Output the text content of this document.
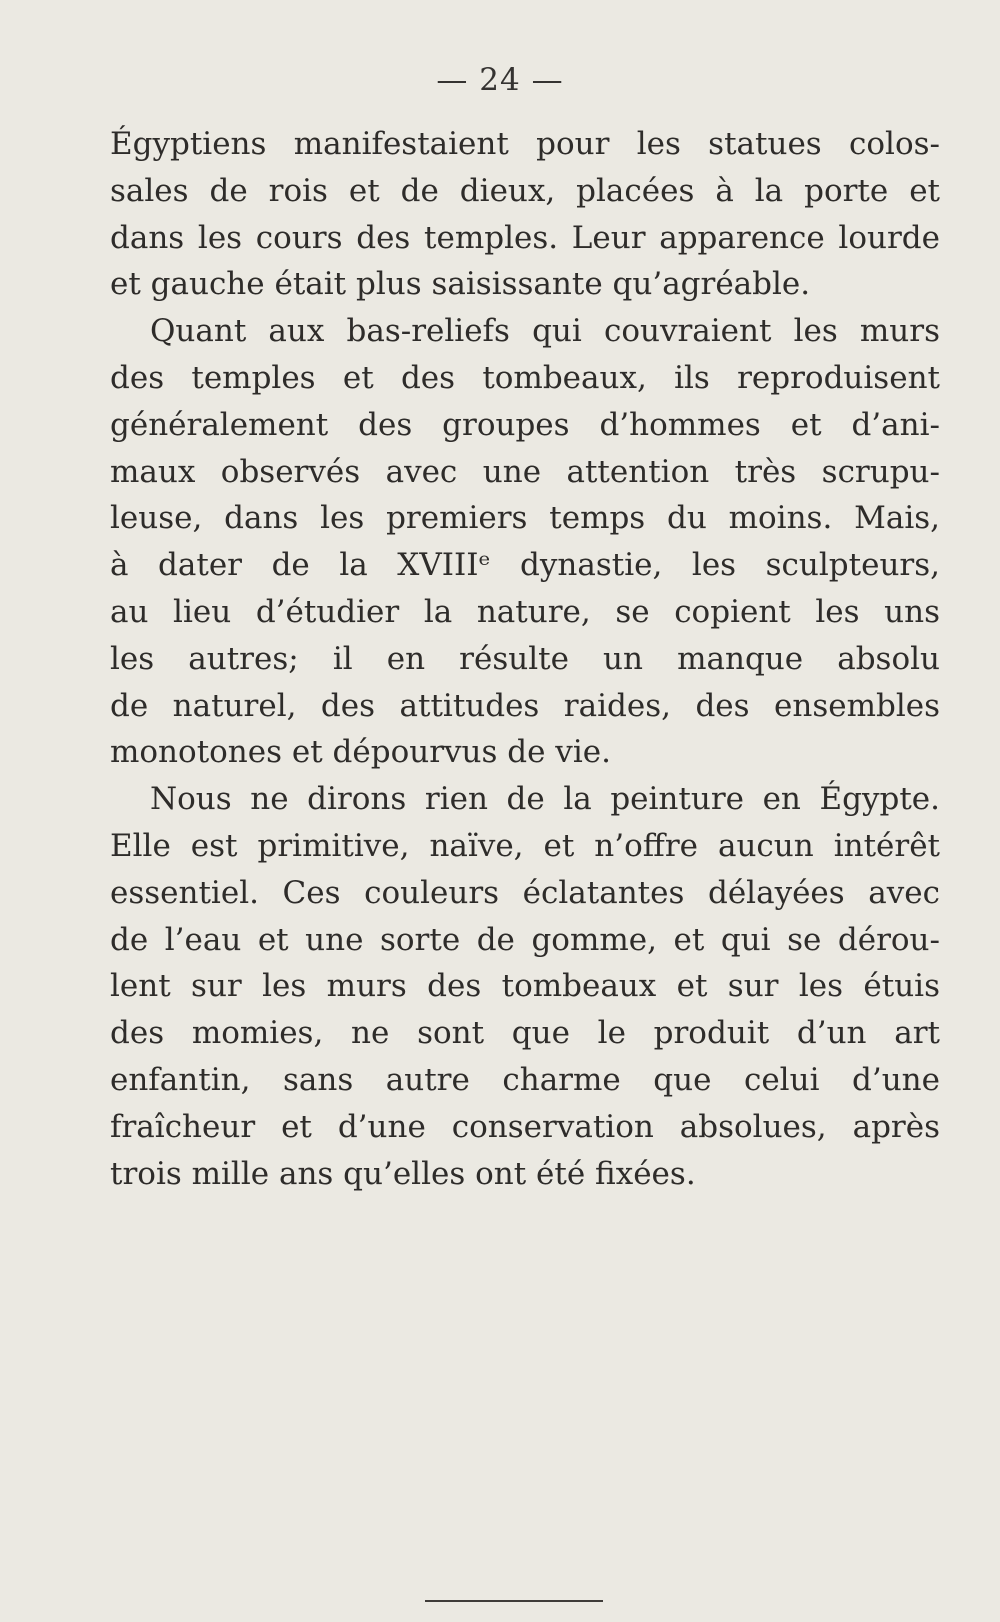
— 24 —
Égyptiens manifestaient pour les statues colos-
sales de rois et de dieux, placées à la porte et
dans les cours des temples. Leur apparence lourde
et gauche était plus saisissante qu’agréable.
Quant aux bas-reliefs qui couvraient les murs
des temples et des tombeaux, ils reproduisent
généralement des groupes d’hommes et d’ani-
maux observés avec une attention très scrupu-
leuse, dans les premiers temps du moins. Mais,
à dater de la XVIIIᵉ dynastie, les sculpteurs,
au lieu d’étudier la nature, se copient les uns
les autres; il en résulte un manque absolu
de naturel, des attitudes raides, des ensembles
monotones et dépourvus de vie.
Nous ne dirons rien de la peinture en Égypte.
Elle est primitive, naïve, et n’offre aucun intérêt
essentiel. Ces couleurs éclatantes délayées avec
de l’eau et une sorte de gomme, et qui se dérou-
lent sur les murs des tombeaux et sur les étuis
des momies, ne sont que le produit d’un art
enfantin, sans autre charme que celui d’une
fraîcheur et d’une conservation absolues, après
trois mille ans qu’elles ont été fixées.
